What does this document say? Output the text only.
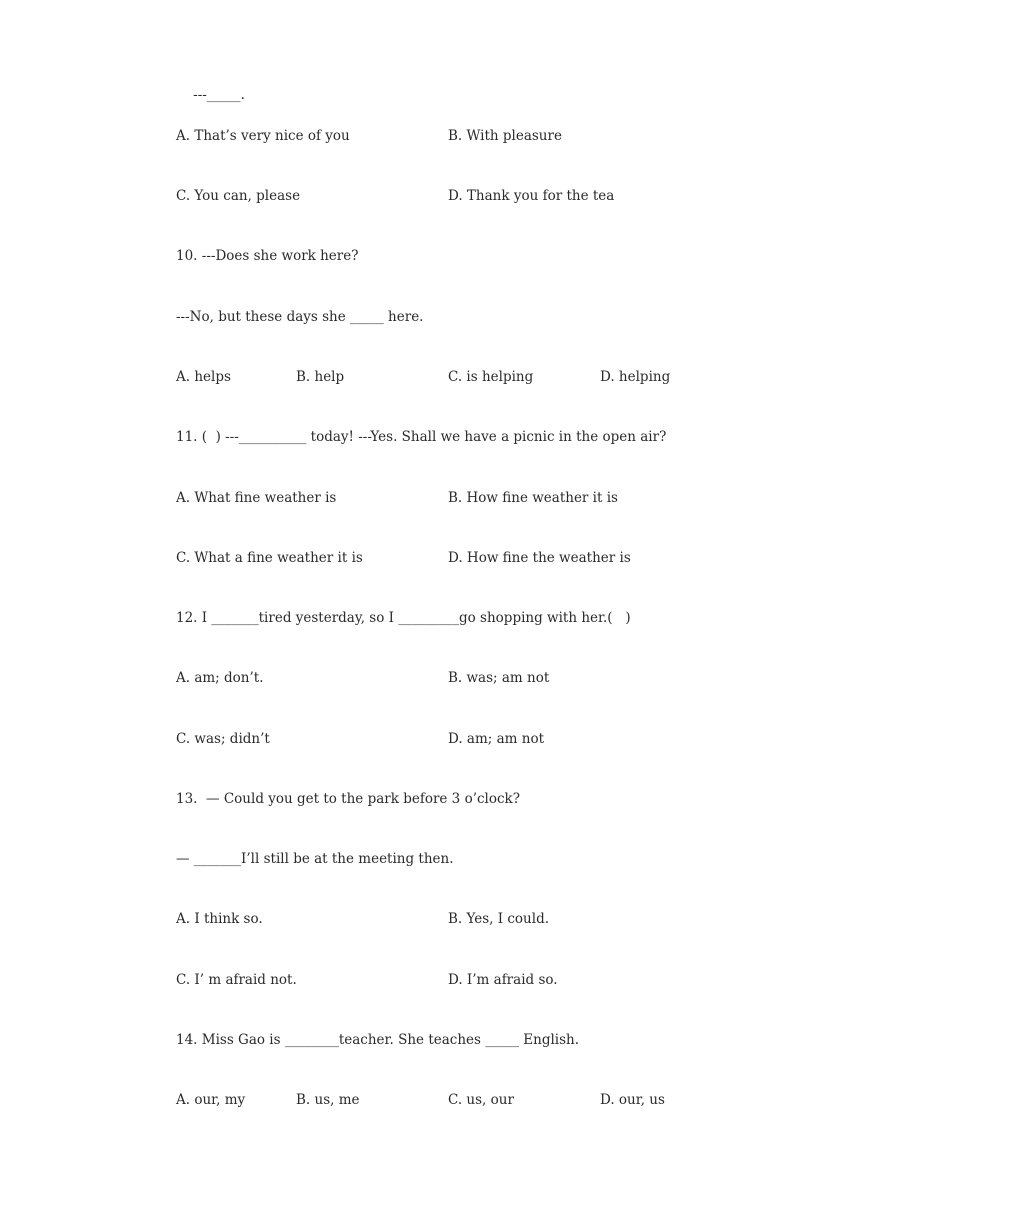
---_____.

A. That’s very nice of you

	B. With pleasure

C. You can, please

	D. Thank you for the tea

10. ---Does she work here?
---No, but these days she _____ here.

A. helps

	B. help

	C. is helping

	D. helping

11. (  ) ---__________ today! ---Yes. Shall we have a picnic in the open air?

A. What fine weather is

	B. How fine weather it is

C. What a fine weather it is

	D. How fine the weather is

12. I _______tired yesterday, so I _________go shopping with her.(   )

A. am; don’t.

	B. was; am not

C. was; didn’t

	D. am; am not

13.  — Could you get to the park before 3 o’clock?
— _______I’ll still be at the meeting then.

A. I think so.

	B. Yes, I could.

C. I’ m afraid not.

	D. I’m afraid so.

14. Miss Gao is ________teacher. She teaches _____ English.

A. our, my

	B. us, me

	C. us, our

	D. our, us
